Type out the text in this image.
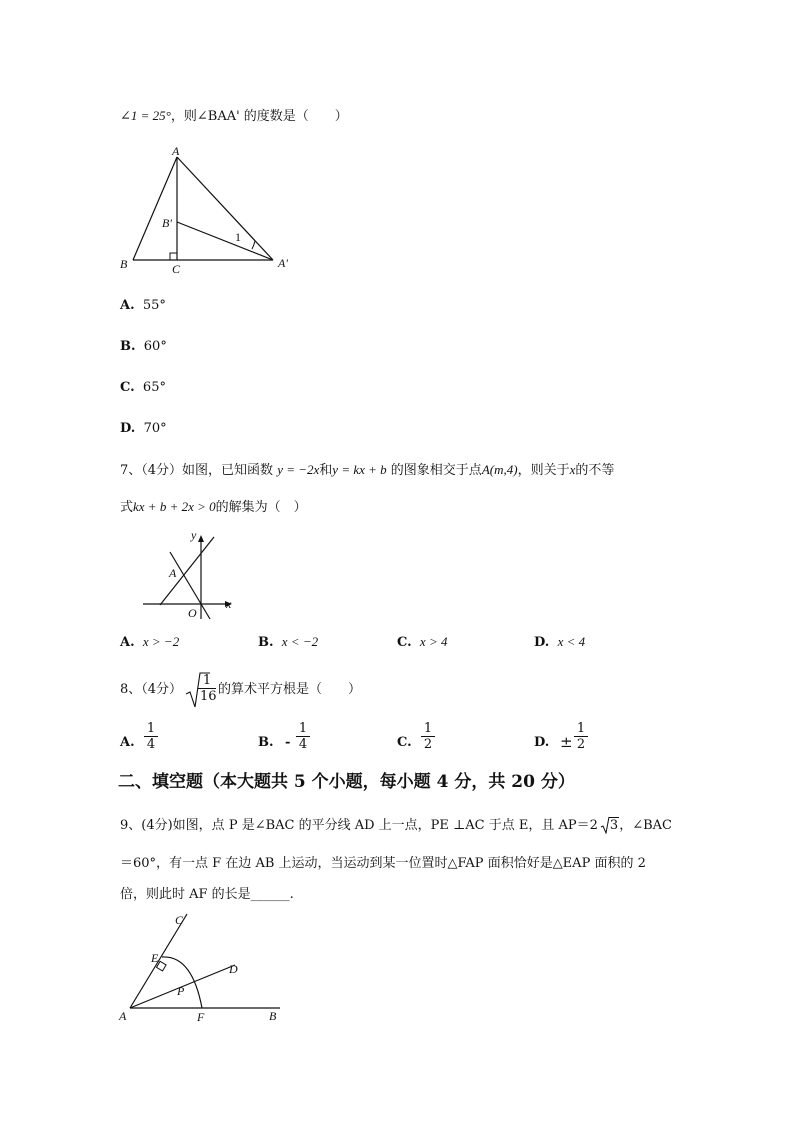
∠1 = 25°，则∠BAA' 的度数是（　　）
A
B	C
B′
A′
1
A. 55°
B. 60°
C. 65°
D. 70°
7、（4分）如图，已知函数 y = −2x和y = kx + b 的图象相交于点A(m,4)，则关于x的不等
式kx + b + 2x > 0的解集为（　）
y
x
A
O
A. x > −2	B. x < −2	C. x > 4	D. x < 4
8、（4分） $\frac{1}{16}$ 的算术平方根是（　　）
A. $\frac{1}{4}$	B. - $\frac{1}{4}$	C. $\frac{1}{2}$	D. ± $\frac{1}{2}$
二、填空题（本大题共 5 个小题，每小题 4 分，共 20 分）
9、(4分)如图，点 P 是∠BAC 的平分线 AD 上一点，PE ⊥AC 于点 E，且 AP＝2 3，∠BAC
＝60°，有一点 F 在边 AB 上运动，当运动到某一位置时△FAP 面积恰好是△EAP 面积的 2
倍，则此时 AF 的长是______.
C
E
D
P
A	F	B
